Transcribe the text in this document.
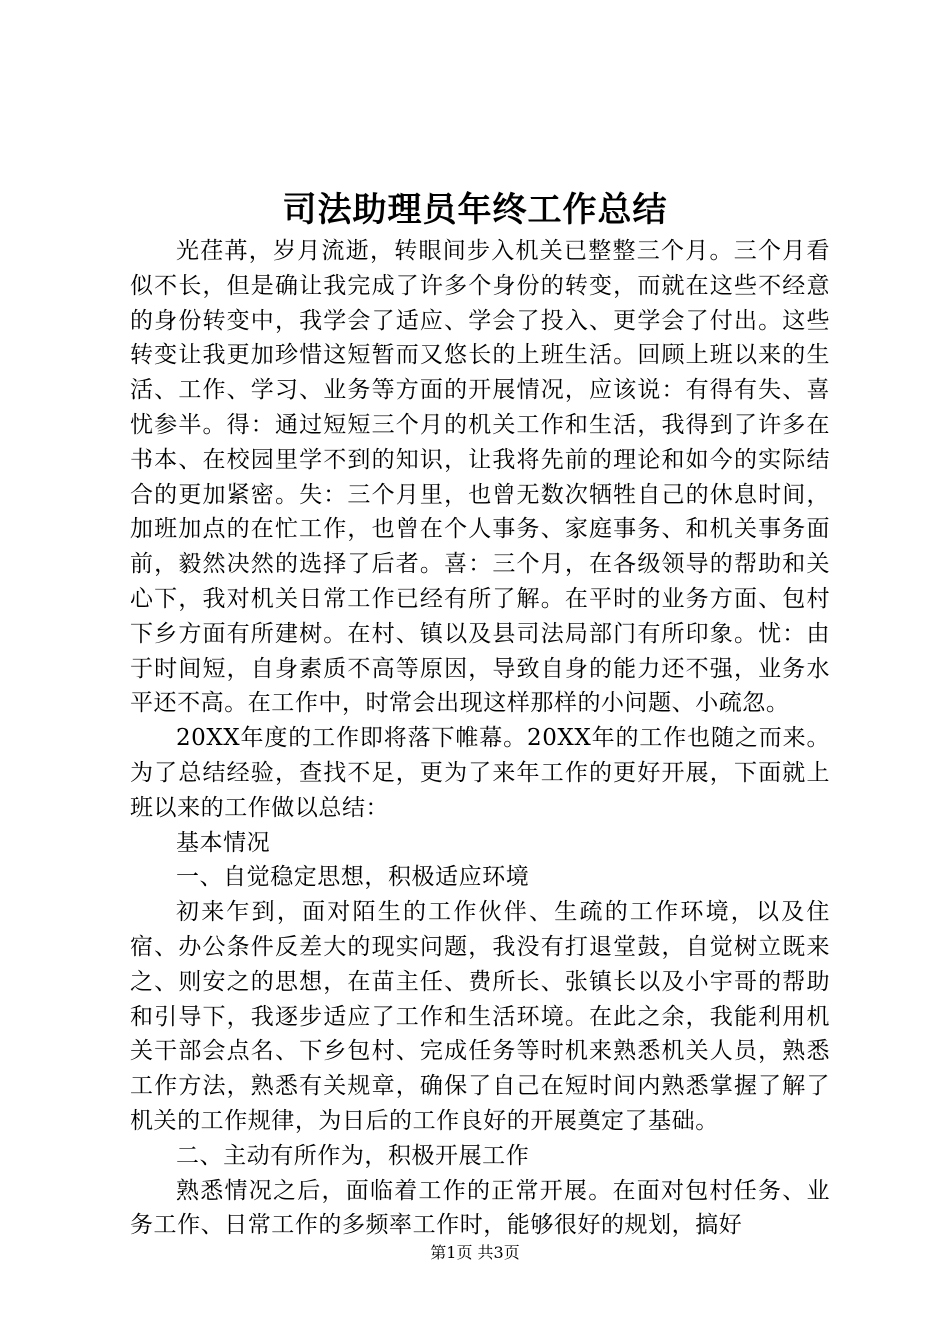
司法助理员年终工作总结

光荏苒，岁月流逝，转眼间步入机关已整整三个月。三个月看似不长，但是确让我完成了许多个身份的转变，而就在这些不经意的身份转变中，我学会了适应、学会了投入、更学会了付出。这些转变让我更加珍惜这短暂而又悠长的上班生活。回顾上班以来的生活、工作、学习、业务等方面的开展情况，应该说：有得有失、喜忧参半。得：通过短短三个月的机关工作和生活，我得到了许多在书本、在校园里学不到的知识，让我将先前的理论和如今的实际结合的更加紧密。失：三个月里，也曾无数次牺牲自己的休息时间，加班加点的在忙工作，也曾在个人事务、家庭事务、和机关事务面前，毅然决然的选择了后者。喜：三个月，在各级领导的帮助和关心下，我对机关日常工作已经有所了解。在平时的业务方面、包村下乡方面有所建树。在村、镇以及县司法局部门有所印象。忧：由于时间短，自身素质不高等原因，导致自身的能力还不强，业务水平还不高。在工作中，时常会出现这样那样的小问题、小疏忽。

20XX年度的工作即将落下帷幕。20XX年的工作也随之而来。为了总结经验，查找不足，更为了来年工作的更好开展，下面就上班以来的工作做以总结：

基本情况

一、自觉稳定思想，积极适应环境

初来乍到，面对陌生的工作伙伴、生疏的工作环境，以及住宿、办公条件反差大的现实问题，我没有打退堂鼓，自觉树立既来之、则安之的思想，在苗主任、费所长、张镇长以及小宇哥的帮助和引导下，我逐步适应了工作和生活环境。在此之余，我能利用机关干部会点名、下乡包村、完成任务等时机来熟悉机关人员，熟悉工作方法，熟悉有关规章，确保了自己在短时间内熟悉掌握了解了机关的工作规律，为日后的工作良好的开展奠定了基础。

二、主动有所作为，积极开展工作

熟悉情况之后，面临着工作的正常开展。在面对包村任务、业务工作、日常工作的多频率工作时，能够很好的规划，搞好

第1页 共3页
